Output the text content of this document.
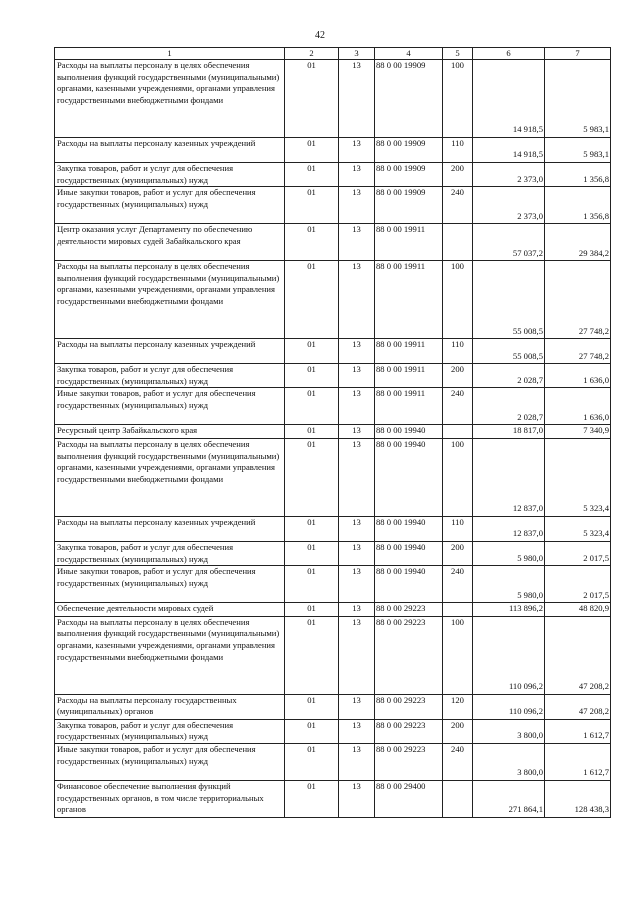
42
1	2	3	4	5	6	7
Расходы на выплаты персоналу в целях обеспечения выполнения функций государственными (муниципальными) органами, казенными учреждениями, органами управления государственными внебюджетными фондами	01	13	88 0 00 19909	100	14 918,5	5 983,1
Расходы на выплаты персоналу казенных учреждений	01	13	88 0 00 19909	110	14 918,5	5 983,1
Закупка товаров, работ и услуг для обеспечения государственных (муниципальных) нужд	01	13	88 0 00 19909	200	2 373,0	1 356,8
Иные закупки товаров, работ и услуг для обеспечения государственных (муниципальных) нужд	01	13	88 0 00 19909	240	2 373,0	1 356,8
Центр оказания услуг Департаменту по обеспечению деятельности мировых судей Забайкальского края	01	13	88 0 00 19911		57 037,2	29 384,2
Расходы на выплаты персоналу в целях обеспечения выполнения функций государственными (муниципальными) органами, казенными учреждениями, органами управления государственными внебюджетными фондами	01	13	88 0 00 19911	100	55 008,5	27 748,2
Расходы на выплаты персоналу казенных учреждений	01	13	88 0 00 19911	110	55 008,5	27 748,2
Закупка товаров, работ и услуг для обеспечения государственных (муниципальных) нужд	01	13	88 0 00 19911	200	2 028,7	1 636,0
Иные закупки товаров, работ и услуг для обеспечения государственных (муниципальных) нужд	01	13	88 0 00 19911	240	2 028,7	1 636,0
Ресурсный центр Забайкальского края	01	13	88 0 00 19940		18 817,0	7 340,9
Расходы на выплаты персоналу в целях обеспечения выполнения функций государственными (муниципальными) органами, казенными учреждениями, органами управления государственными внебюджетными фондами	01	13	88 0 00 19940	100	12 837,0	5 323,4
Расходы на выплаты персоналу казенных учреждений	01	13	88 0 00 19940	110	12 837,0	5 323,4
Закупка товаров, работ и услуг для обеспечения государственных (муниципальных) нужд	01	13	88 0 00 19940	200	5 980,0	2 017,5
Иные закупки товаров, работ и услуг для обеспечения государственных (муниципальных) нужд	01	13	88 0 00 19940	240	5 980,0	2 017,5
Обеспечение деятельности мировых судей	01	13	88 0 00 29223		113 896,2	48 820,9
Расходы на выплаты персоналу в целях обеспечения выполнения функций государственными (муниципальными) органами, казенными учреждениями, органами управления государственными внебюджетными фондами	01	13	88 0 00 29223	100	110 096,2	47 208,2
Расходы на выплаты персоналу государственных (муниципальных) органов	01	13	88 0 00 29223	120	110 096,2	47 208,2
Закупка товаров, работ и услуг для обеспечения государственных (муниципальных) нужд	01	13	88 0 00 29223	200	3 800,0	1 612,7
Иные закупки товаров, работ и услуг для обеспечения государственных (муниципальных) нужд	01	13	88 0 00 29223	240	3 800,0	1 612,7
Финансовое обеспечение выполнения функций государственных органов, в том числе территориальных органов	01	13	88 0 00 29400		271 864,1	128 438,3
